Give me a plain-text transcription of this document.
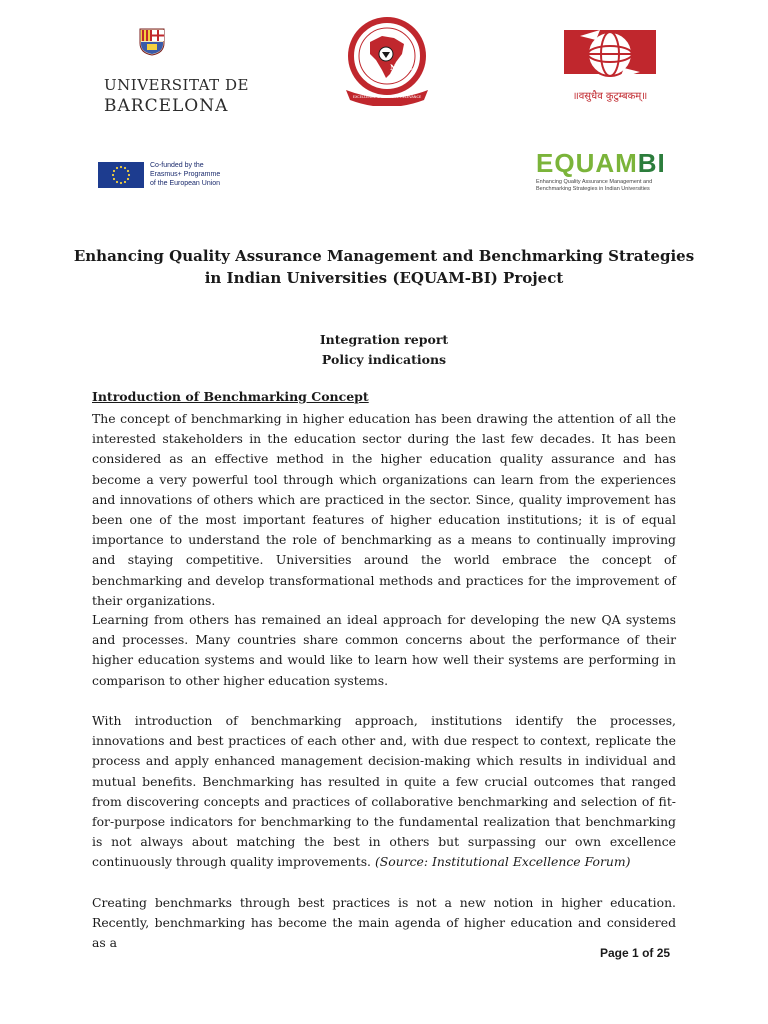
UNIVERSITAT DE
BARCELONA
NAAC
EXCELLENCE CREDIBILITY RELEVANCE	॥वसुधैव कुटुम्बकम्॥
Co-funded by the
Erasmus+ Programme
of the European Union
EQUAMBI
Enhancing Quality Assurance Management and
Benchmarking Strategies in Indian Universities
Enhancing Quality Assurance Management and Benchmarking Strategies
in Indian Universities (EQUAM-BI) Project
Integration report
Policy indications
Introduction of Benchmarking Concept

The concept of benchmarking in higher education has been drawing the attention of all the interested stakeholders in the education sector during the last few decades. It has been considered as an effective method in the higher education quality assurance and has become a very powerful tool through which organizations can learn from the experiences and innovations of others which are practiced in the sector. Since, quality improvement has been one of the most important features of higher education institutions; it is of equal importance to understand the role of benchmarking as a means to continually improving and staying competitive. Universities around the world embrace the concept of benchmarking and develop transformational methods and practices for the improvement of their organizations.

Learning from others has remained an ideal approach for developing the new QA systems and processes. Many countries share common concerns about the performance of their higher education systems and would like to learn how well their systems are performing in comparison to other higher education systems.

With introduction of benchmarking approach, institutions identify the processes, innovations and best practices of each other and, with due respect to context, replicate the process and apply enhanced management decision-making which results in individual and mutual benefits. Benchmarking has resulted in quite a few crucial outcomes that ranged from discovering concepts and practices of collaborative benchmarking and selection of fit-for-purpose indicators for benchmarking to the fundamental realization that benchmarking is not always about matching the best in others but surpassing our own excellence continuously through quality improvements. (Source: Institutional Excellence Forum)

Creating benchmarks through best practices is not a new notion in higher education. Recently, benchmarking has become the main agenda of higher education and considered as a

Page 1 of 25
